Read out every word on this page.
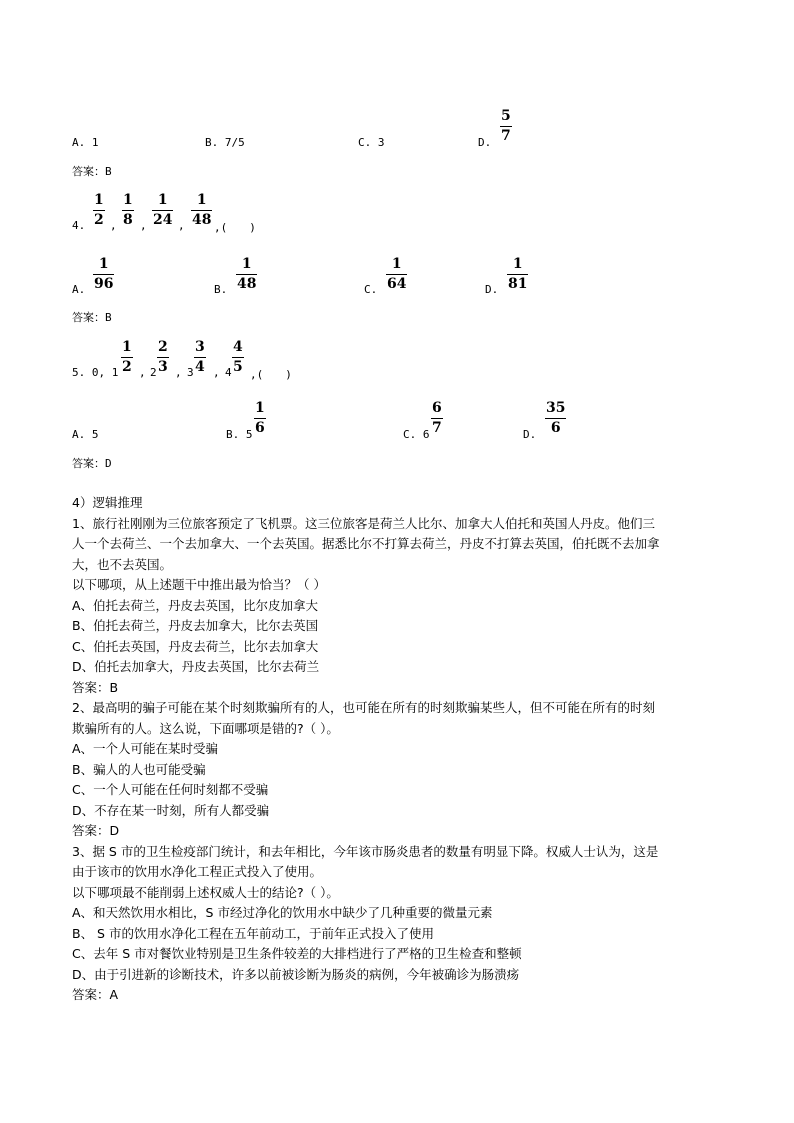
A. 1	B. 7/5	C. 3	D.
5
7
答案：B
4.
1
2 ,
1
8 ,
1
24 ,
1
48 ,(　　)
A.
1
96	B.
1
48	C.
1
64	D.
1
81
答案：B
5. 0, 1
1
2 , 2
2
3 , 3
3
4 , 4
4
5 ,(　　)
A. 5	B. 5
1
6	C. 6
6
7	D.
35
6
答案：D
4）逻辑推理
1、旅行社刚刚为三位旅客预定了飞机票。这三位旅客是荷兰人比尔、加拿大人伯托和英国人丹皮。他们三
人一个去荷兰、一个去加拿大、一个去英国。据悉比尔不打算去荷兰，丹皮不打算去英国，伯托既不去加拿
大，也不去英国。
以下哪项，从上述题干中推出最为恰当？（ ）
A、伯托去荷兰，丹皮去英国，比尔皮加拿大
B、伯托去荷兰，丹皮去加拿大，比尔去英国
C、伯托去英国，丹皮去荷兰，比尔去加拿大
D、伯托去加拿大，丹皮去英国，比尔去荷兰
答案：B
2、最高明的骗子可能在某个时刻欺骗所有的人，也可能在所有的时刻欺骗某些人，但不可能在所有的时刻
欺骗所有的人。这么说，下面哪项是错的?（ ）。
A、一个人可能在某时受骗
B、骗人的人也可能受骗
C、一个人可能在任何时刻都不受骗
D、不存在某一时刻，所有人都受骗
答案：D
3、据 S 市的卫生检疫部门统计，和去年相比，今年该市肠炎患者的数量有明显下降。权威人士认为，这是
由于该市的饮用水净化工程正式投入了使用。
以下哪项最不能削弱上述权威人士的结论?（ ）。
A、和天然饮用水相比，S 市经过净化的饮用水中缺少了几种重要的微量元素
B、 S 市的饮用水净化工程在五年前动工，于前年正式投入了使用
C、去年 S 市对餐饮业特别是卫生条件较差的大排档进行了严格的卫生检查和整顿
D、由于引进新的诊断技术，许多以前被诊断为肠炎的病例，今年被确诊为肠溃疡
答案：A
